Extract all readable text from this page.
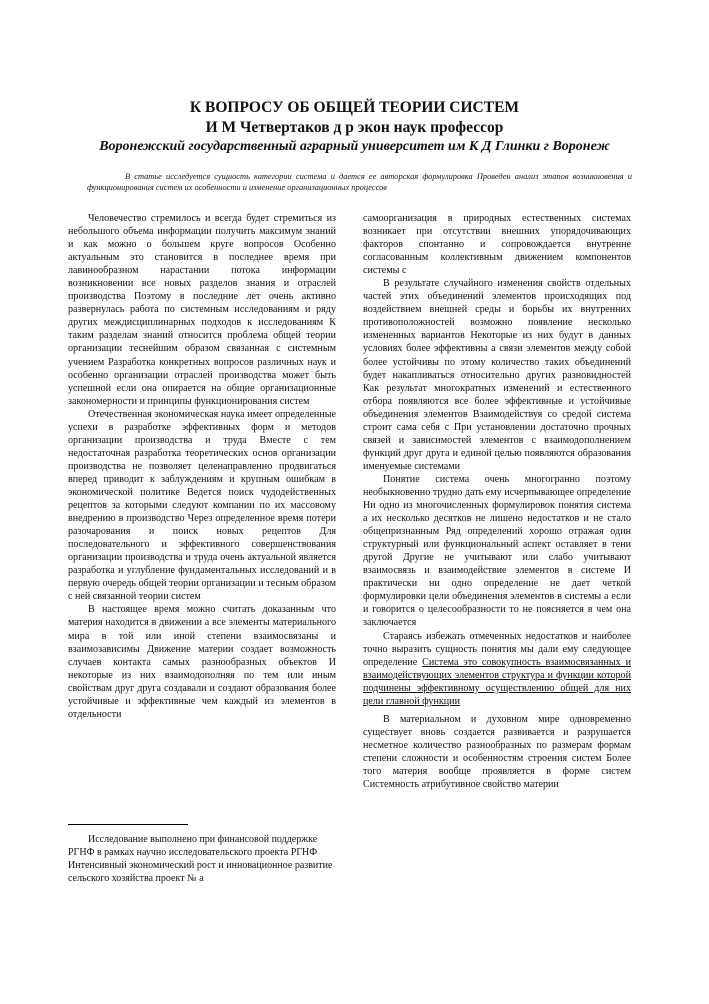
К ВОПРОСУ ОБ ОБЩЕЙ ТЕОРИИ СИСТЕМ
И М Четвертаков д р экон наук профессор
Воронежский государственный аграрный университет им К Д Глинки г Воронеж
В статье исследуется сущность категории система и дается ее авторская формулировка Проведен анализ этапов возникновения и функционирования систем их особенности и изменение организационных процессов

Человечество стремилось и всегда будет стремиться из небольшого объема информации получить максимум знаний и как можно о большем круге вопросов Особенно актуальным это становится в последнее время при лавинообразном нарастании потока информации возникновении все новых разделов знания и отраслей производства Поэтому в последние лет очень активно развернулась работа по системным исследованиям и ряду других междисциплинарных подходов к исследованиям К таким разделам знаний относится проблема общей теории организации теснейшим образом связанная с системным учением Разработка конкретных вопросов различных наук и особенно организации отраслей производства может быть успешной если она опирается на общие организационные закономерности и принципы функционирования систем

Отечественная экономическая наука имеет определенные успехи в разработке эффективных форм и методов организации производства и труда Вместе с тем недостаточная разработка теоретических основ организации производства не позволяет целенаправленно продвигаться вперед приводит к заблуждениям и крупным ошибкам в экономической политике Ведется поиск чудодейственных рецептов за которыми следуют компании по их массовому внедрению в производство Через определенное время потери разочарования и поиск новых рецептов Для последовательного и эффективного совершенствования организации производства и труда очень актуальной является разработка и углубление фундаментальных исследований и в первую очередь общей теории организации и тесным образом с ней связанной теории систем

В настоящее время можно считать доказанным что материя находится в движении а все элементы материального мира в той или иной степени взаимосвязаны и взаимозависимы Движение материи создает возможность случаев контакта самых разнообразных объектов И некоторые из них взаимодополняя по тем или иным свойствам друг друга создавали и создают образования более устойчивые и эффективные чем каждый из элементов в отдельности

самоорганизация в природных естественных системах возникает при отсутствии внешних упорядочивающих факторов спонтанно и сопровождается внутренне согласованным коллективным движением компонентов системы с

В результате случайного изменения свойств отдельных частей этих объединений элементов происходящих под воздействием внешней среды и борьбы их внутренних противоположностей возможно появление несколько измененных вариантов Некоторые из них будут в данных условиях более эффективны а связи элементов между собой более устойчивы по этому количество таких объединений будет накапливаться относительно других разновидностей Как результат многократных изменений и естественного отбора появляются все более эффективные и устойчивые объединения элементов Взаимодействуя со средой системa строит сама себя с При установлении достаточно прочных связей и зависимостей элементов с взаимодополнением функций друг друга и единой целью появляются образования именуемые системами

Понятие система очень многогранно поэтому необыкновенно трудно дать ему исчерпывающее определение Ни одно из многочисленных формулировок понятия система а их несколько десятков не лишено недостатков и не стало общепризнанным Ряд определений хорошо отражая один структурный или функциональный аспект оставляет в тени другой Другие не учитывают или слабо учитывают взаимосвязь и взаимодействие элементов в системе И практически ни одно определение не дает четкой формулировки цели объединения элементов в системы а если и говорится о целесообразности то не поясняется в чем она заключается

Стараясь избежать отмеченных недостатков и наиболее точно выразить сущность понятия мы дали ему следующее определение Система это совокупность взаимосвязанных и взаимодействующих элементов структура и функции которой подчинены эффективному осуществлению общей для них цели главной функции

В материальном и духовном мире одновременно существует вновь создается развивается и разрушается несметное количество разнообразных по размерам формам степени сложности и особенностям строения систем Более того материя вообще проявляется в форме систем Системность атрибутивное свойство материи

Исследование выполнено при финансовой поддержке РГНФ в рамках научно исследовательского проекта РГНФ Интенсивный экономический рост и инновационное развитие сельского хозяйства проект № а
